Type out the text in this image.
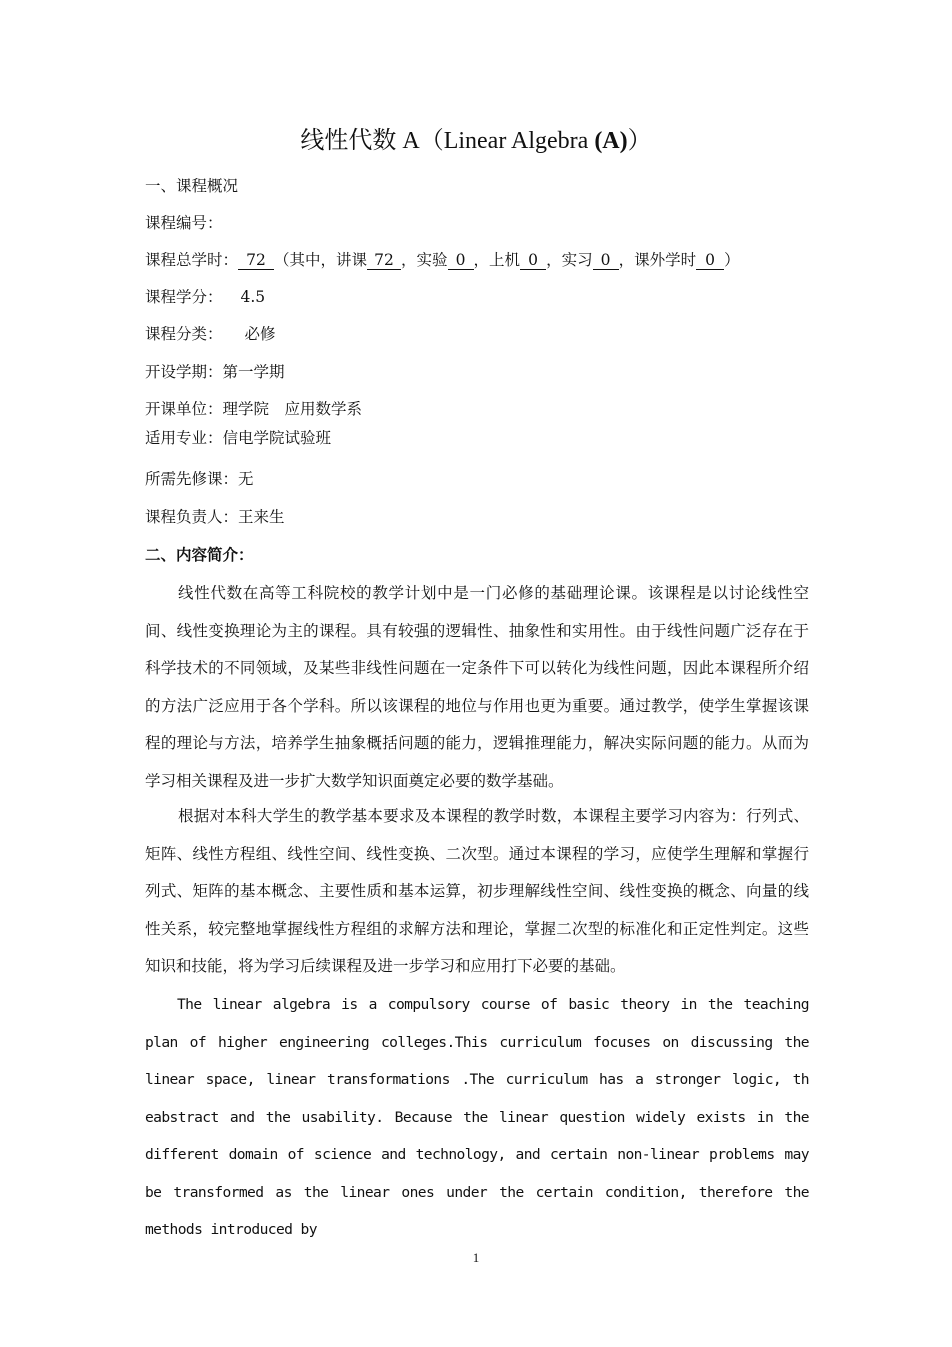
线性代数 A（Linear Algebra (A)）
一、课程概况
课程编号：
课程总学时： 72 （其中，讲课 72 ，实验 0 ，上机 0 ，实习 0 ，课外学时 0 ）
课程学分： 4.5
课程分类： 必修
开设学期：第一学期
开课单位：理学院　应用数学系
适用专业：信电学院试验班
所需先修课：无
课程负责人：王来生
二、内容简介：
线性代数在高等工科院校的教学计划中是一门必修的基础理论课。该课程是以讨论线性空间、线性变换理论为主的课程。具有较强的逻辑性、抽象性和实用性。由于线性问题广泛存在于科学技术的不同领域，及某些非线性问题在一定条件下可以转化为线性问题，因此本课程所介绍的方法广泛应用于各个学科。所以该课程的地位与作用也更为重要。通过教学，使学生掌握该课程的理论与方法，培养学生抽象概括问题的能力，逻辑推理能力，解决实际问题的能力。从而为学习相关课程及进一步扩大数学知识面奠定必要的数学基础。
根据对本科大学生的教学基本要求及本课程的教学时数，本课程主要学习内容为：行列式、矩阵、线性方程组、线性空间、线性变换、二次型。通过本课程的学习，应使学生理解和掌握行列式、矩阵的基本概念、主要性质和基本运算，初步理解线性空间、线性变换的概念、向量的线性关系，较完整地掌握线性方程组的求解方法和理论，掌握二次型的标准化和正定性判定。这些知识和技能，将为学习后续课程及进一步学习和应用打下必要的基础。
The linear algebra is a compulsory course of basic theory in the teaching plan of higher engineering colleges.This curriculum focuses on discussing the linear space, linear transformations .The curriculum has a stronger logic, th eabstract and the usability. Because the linear question widely exists in the different domain of science and technology, and certain non-linear problems may be transformed as the linear ones under the certain condition, therefore the methods introduced by
1
